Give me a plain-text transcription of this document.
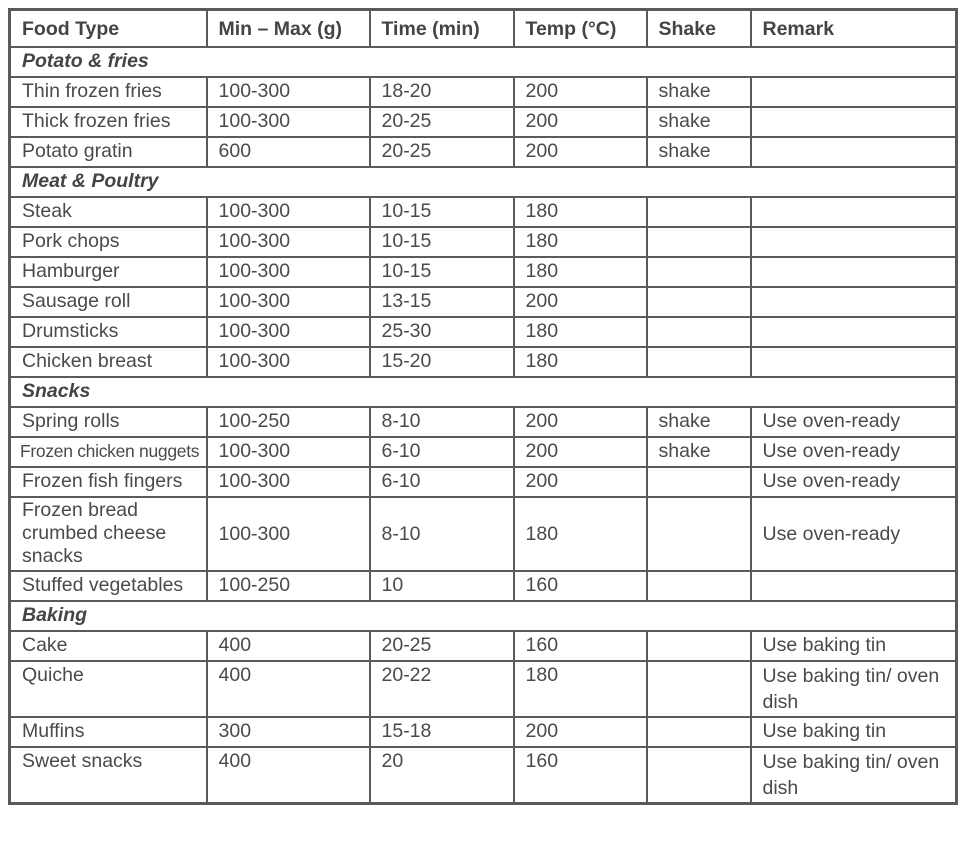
Food Type	Min – Max (g)	Time (min)	Temp (°C)	Shake	Remark
Potato & fries					
Thin frozen fries	100-300	18-20	200	shake	
Thick frozen fries	100-300	20-25	200	shake	
Potato gratin	600	20-25	200	shake	
Meat & Poultry					
Steak	100-300	10-15	180		
Pork chops	100-300	10-15	180		
Hamburger	100-300	10-15	180		
Sausage roll	100-300	13-15	200		
Drumsticks	100-300	25-30	180		
Chicken breast	100-300	15-20	180		
Snacks					
Spring rolls	100-250	8-10	200	shake	Use oven-ready
Frozen chicken nuggets	100-300	6-10	200	shake	Use oven-ready
Frozen fish fingers	100-300	6-10	200		Use oven-ready
Frozen bread crumbed cheese snacks	100-300	8-10	180		Use oven-ready
Stuffed vegetables	100-250	10	160		
Baking					
Cake	400	20-25	160		Use baking tin
Quiche	400	20-22	180		Use baking tin/ oven dish
Muffins	300	15-18	200		Use baking tin
Sweet snacks	400	20	160		Use baking tin/ oven dish
